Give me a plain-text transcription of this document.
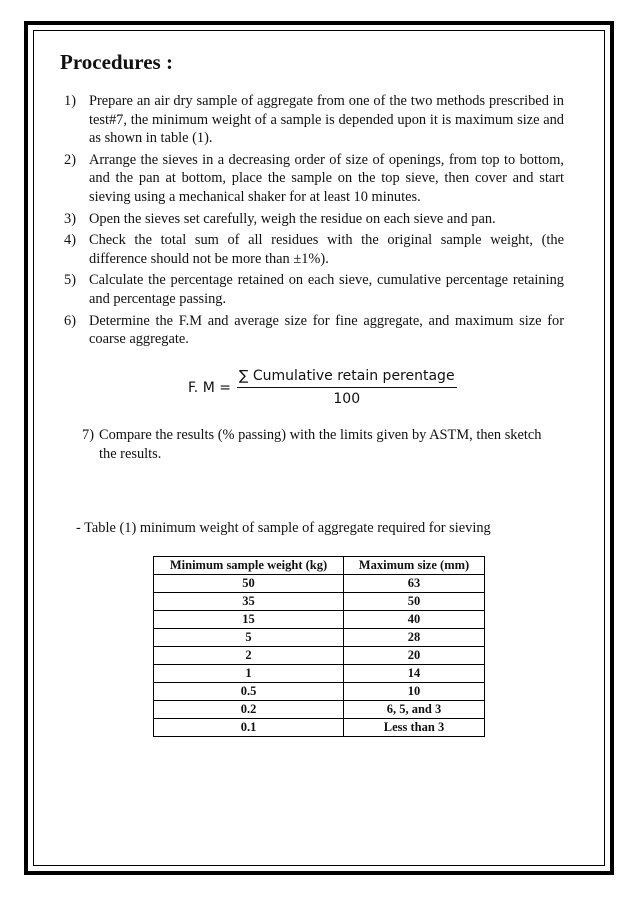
Procedures :
1) Prepare an air dry sample of aggregate from one of the two methods prescribed in test#7, the minimum weight of a sample is depended upon it is maximum size and as shown in table (1).
2) Arrange the sieves in a decreasing order of size of openings, from top to bottom, and the pan at bottom, place the sample on the top sieve, then cover and start sieving using a mechanical shaker for at least 10 minutes.
3) Open the sieves set carefully, weigh the residue on each sieve and pan.
4) Check the total sum of all residues with the original sample weight, (the difference should not be more than ±1%).
5) Calculate the percentage retained on each sieve, cumulative percentage retaining and percentage passing.
6) Determine the F.M and average size for fine aggregate, and maximum size for coarse aggregate.
F. $M = \frac{\text{∑ Cumulative retain perentage}}{100}$
7) Compare the results (% passing) with the limits given by ASTM, then sketch the results.
- Table (1) minimum weight of sample of aggregate required for sieving
Minimum sample weight (kg)	Maximum size (mm)
50	63
35	50
15	40
5	28
2	20
1	14
0.5	10
0.2	6, 5, and 3
0.1	Less than 3
